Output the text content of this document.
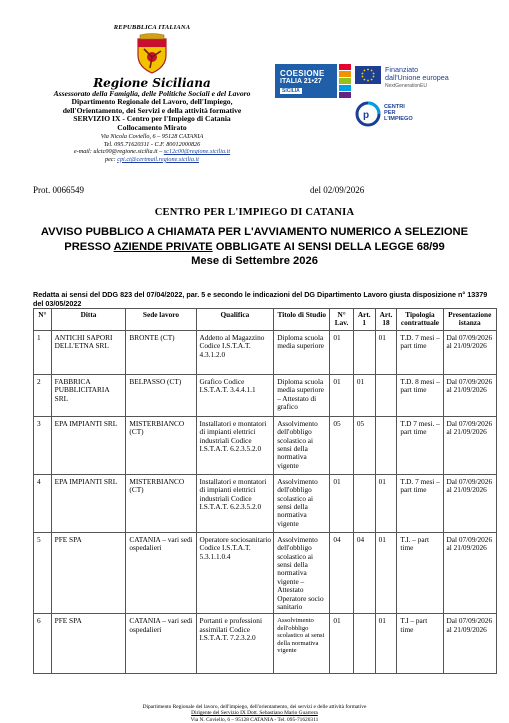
REPUBBLICA ITALIANA
Regione Siciliana
Assessorato della Famiglia, delle Politiche Sociali e del Lavoro
Dipartimento Regionale del Lavoro, dell'Impiego,
dell'Orientamento, dei Servizi e della attività formative
SERVIZIO IX - Centro per l'Impiego di Catania
Collocamento Mirato
Via Nicola Coviello, 6 – 95128 CATANIA
Tel. 095.71620311 - C.F. 80012000826
e-mail: ulctc00@regione.sicilia.it – sc12c00@regione.sicilia.it
pec: cpi.ct@certmail.regione.sicilia.it
COESIONE
ITALIA 21•27
SICILIA
Finanziato
dall'Unione europea
NextGenerationEU
p
CENTRI
PER
L'IMPIEGO
Prot. 0066549	del 02/09/2026
CENTRO PER L'IMPIEGO DI CATANIA
AVVISO PUBBLICO A CHIAMATA PER L'AVVIAMENTO NUMERICO A SELEZIONE
PRESSO AZIENDE PRIVATE OBBLIGATE AI SENSI DELLA LEGGE 68/99
Mese di Settembre 2026
Redatta ai sensi del DDG 823 del 07/04/2022, par. 5 e secondo le indicazioni del DG Dipartimento Lavoro giusta disposizione n° 13379 del 03/05/2022
N°	Ditta	Sede lavoro	Qualifica	Titolo di Studio	N° Lav.	Art. 1	Art. 18	Tipologia contrattuale	Presentazione istanza
1	ANTICHI SAPORI DELL'ETNA SRL	BRONTE (CT)	Addetto al Magazzino Codice I.S.T.A.T. 4.3.1.2.0	Diploma scuola media superiore	01		01	T.D. 7 mesi – part time	Dal 07/09/2026 al 21/09/2026
2	FABBRICA PUBBLICITARIA SRL	BELPASSO (CT)	Grafico Codice I.S.T.A.T. 3.4.4.1.1	Diploma scuola media superiore – Attestato di grafico	01	01		T.D. 8 mesi – part time	Dal 07/09/2026 al 21/09/2026
3	EPA IMPIANTI SRL	MISTERBIANCO (CT)	Installatori e montatori di impianti elettrici industriali Codice I.S.T.A.T. 6.2.3.5.2.0	Assolvimento dell'obbligo scolastico ai sensi della normativa vigente	05	05		T.D 7 mesi. – part time	Dal 07/09/2026 al 21/09/2026
4	EPA IMPIANTI SRL	MISTERBIANCO (CT)	Installatori e montatori di impianti elettrici industriali Codice I.S.T.A.T. 6.2.3.5.2.0	Assolvimento dell'obbligo scolastico ai sensi della normativa vigente	01		01	T.D. 7 mesi – part time	Dal 07/09/2026 al 21/09/2026
5	PFE SPA	CATANIA – vari sedi ospedalieri	Operatore sociosanitario Codice I.S.T.A.T. 5.3.1.1.0.4	Assolvimento dell'obbligo scolastico ai sensi della normativa vigente – Attestato Operatore socio sanitario	04	04	01	T.I. – part time	Dal 07/09/2026 al 21/09/2026
6	PFE SPA	CATANIA – vari sedi ospedalieri	Portanti e professioni assimilati Codice I.S.T.A.T. 7.2.3.2.0	Assolvimento dell'obbligo scolastico ai sensi della normativa vigente	01		01	T.I – part time	Dal 07/09/2026 al 21/09/2026
Dipartimento Regionale del lavoro, dell'impiego, dell'orientamento, dei servizi e delle attività formative
Dirigente del Servizio IX Dott. Sebastiano Mario Guarrera
Via N. Coviello, 6 – 95128 CATANIA - Tel. 095-71620311
